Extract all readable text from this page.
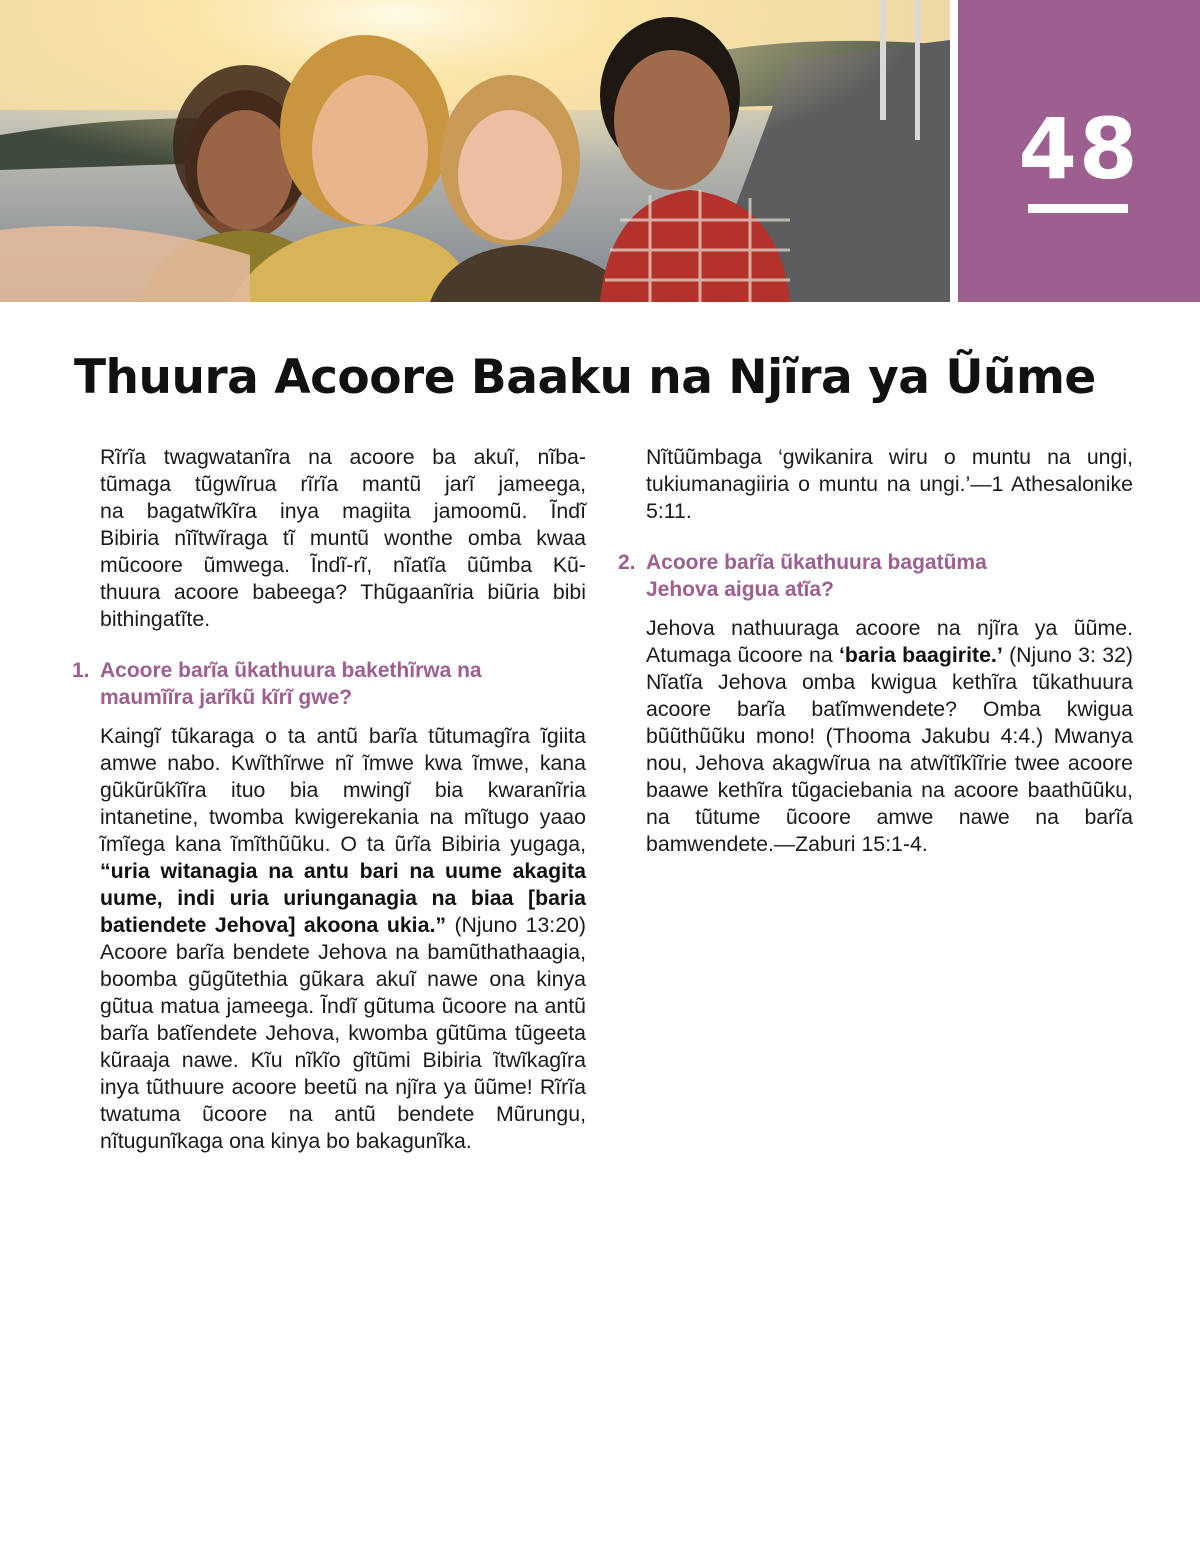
48
Thuura Acoore Baaku na Njĩra ya Ũũme

Rĩrĩa twagwatanĩra na acoore ba akuĩ, nĩba-
tũmaga tũgwĩrua rĩrĩa mantũ jarĩ jameega,
na bagatwĩkĩra inya magiita jamoomũ. Ĩndĩ
Bibiria nĩĩtwĩraga tĩ muntũ wonthe omba kwaa
mũcoore ũmwega. Ĩndĩ-rĩ, nĩatĩa ũũmba Kũ-
thuura acoore babeega? Thũgaanĩria biũria bibi
bithingatĩte.

1. Acoore barĩa ũkathuura bakethĩrwa na
maumĩĩra jarĩkũ kĩrĩ gwe?

Kaingĩ tũkaraga o ta antũ barĩa tũtumagĩra ĩgiita amwe nabo. Kwĩthĩrwe nĩ ĩmwe kwa ĩmwe, kana gũkũrũkĩĩra ituo bia mwingĩ bia kwaranĩria intanetine, twomba kwigerekania na mĩtugo yaao ĩmĩega kana ĩmĩthũũku. O ta ũrĩa Bibiria yugaga, “uria witanagia na antu bari na uume akagita uume, indi uria uriunganagia na biaa [baria batiendete Jehova] akoona ukia.” (Njuno 13:20) Acoore barĩa bendete Jehova na bamũthathaagia, boomba gũgũtethia gũkara akuĩ nawe ona kinya gũtua matua jameega. Ĩndĩ gũtuma ũcoore na antũ barĩa batĩendete Jehova, kwomba gũtũma tũgeeta kũraaja nawe. Kĩu nĩkĩo gĩtũmi Bibiria ĩtwĩkagĩra inya tũthuure acoore beetũ na njĩra ya ũũme! Rĩrĩa twatuma ũcoore na antũ bendete Mũrungu, nĩtugunĩkaga ona kinya bo bakagunĩka.

Nĩtũũmbaga ‘gwikanira wiru o muntu na ungi, tukiumanagiiria o muntu na ungi.’—1 Athesalonike 5:11.

2. Acoore barĩa ũkathuura bagatũma
Jehova aigua atĩa?

Jehova nathuuraga acoore na njĩra ya ũũme. Atumaga ũcoore na ‘baria baagirite.’ (Njuno 3: 32) Nĩatĩa Jehova omba kwigua kethĩra tũkathuura acoore barĩa batĩmwendete? Omba kwigua bũũthũũku mono! (Thooma Jakubu 4:4.) Mwanya nou, Jehova akagwĩrua na atwĩtĩkĩĩrie twee acoore baawe kethĩra tũgaciebania na acoore baathũũku, na tũtume ũcoore amwe nawe na barĩa bamwendete.—Zaburi 15:1-4.
